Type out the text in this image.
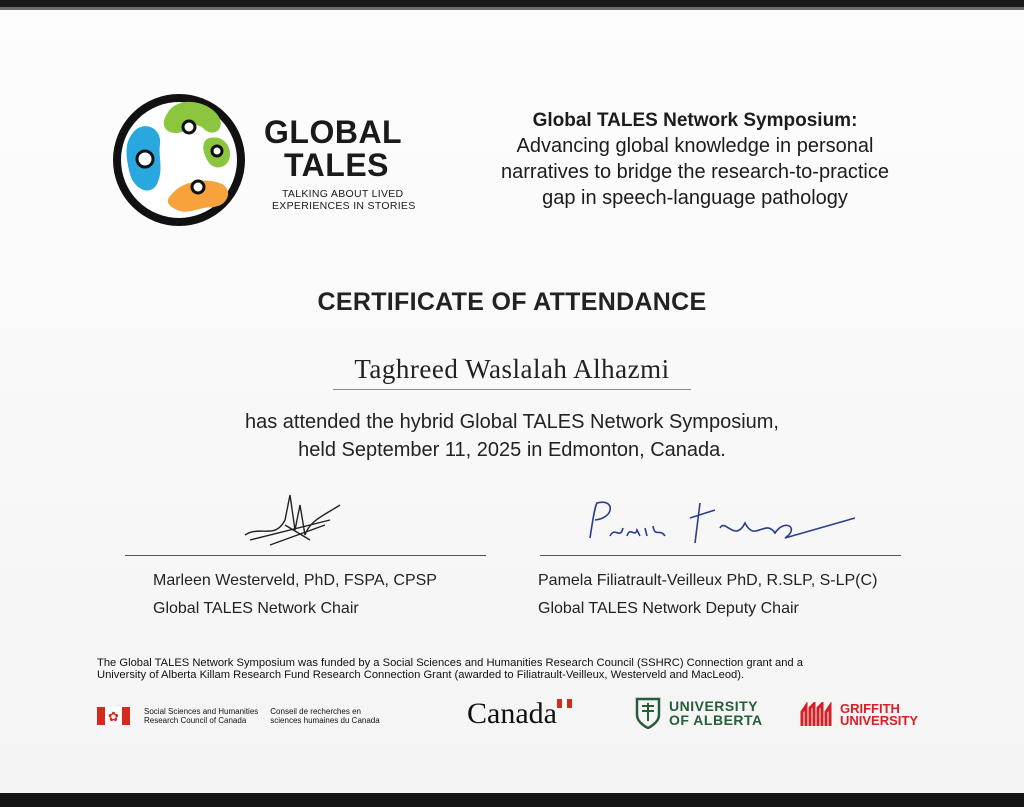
GLOBAL
TALES
TALKING ABOUT LIVED
EXPERIENCES IN STORIES
Global TALES Network Symposium:
Advancing global knowledge in personal
narratives to bridge the research-to-practice
gap in speech-language pathology
CERTIFICATE OF ATTENDANCE
Taghreed Waslalah Alhazmi
has attended the hybrid Global TALES Network Symposium,
held September 11, 2025 in Edmonton, Canada.
Marleen Westerveld, PhD, FSPA, CPSP
Global TALES Network Chair
Pamela Filiatrault-Veilleux PhD, R.SLP, S-LP(C)
Global TALES Network Deputy Chair
The Global TALES Network Symposium was funded by a Social Sciences and Humanities Research Council (SSHRC) Connection grant and a
University of Alberta Killam Research Fund Research Connection Grant (awarded to Filiatrault-Veilleux, Westerveld and MacLeod).
✿	Social Sciences and Humanities
Research Council of Canada
Conseil de recherches en
sciences humaines du Canada	Canada	UNIVERSITY
OF ALBERTA
GRIFFITH
UNIVERSITY
